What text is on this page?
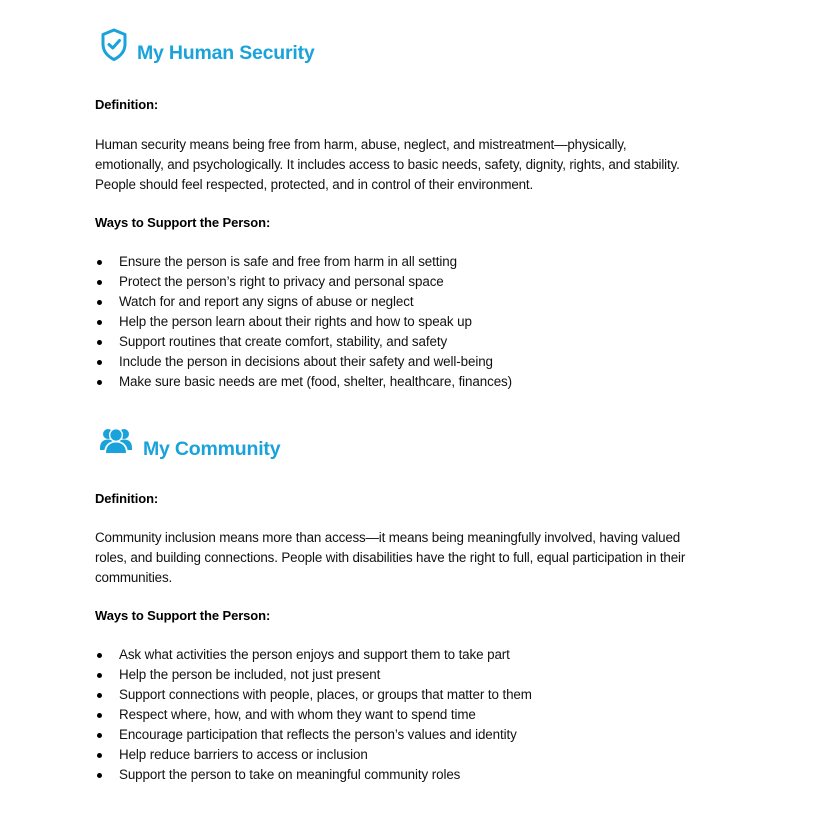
My Human Security
Definition:
Human security means being free from harm, abuse, neglect, and mistreatment—physically,
emotionally, and psychologically. It includes access to basic needs, safety, dignity, rights, and stability.
People should feel respected, protected, and in control of their environment.
Ways to Support the Person:
Ensure the person is safe and free from harm in all setting
Protect the person’s right to privacy and personal space
Watch for and report any signs of abuse or neglect
Help the person learn about their rights and how to speak up
Support routines that create comfort, stability, and safety
Include the person in decisions about their safety and well-being
Make sure basic needs are met (food, shelter, healthcare, finances)
My Community
Definition:
Community inclusion means more than access—it means being meaningfully involved, having valued
roles, and building connections. People with disabilities have the right to full, equal participation in their
communities.
Ways to Support the Person:
Ask what activities the person enjoys and support them to take part
Help the person be included, not just present
Support connections with people, places, or groups that matter to them
Respect where, how, and with whom they want to spend time
Encourage participation that reflects the person’s values and identity
Help reduce barriers to access or inclusion
Support the person to take on meaningful community roles
